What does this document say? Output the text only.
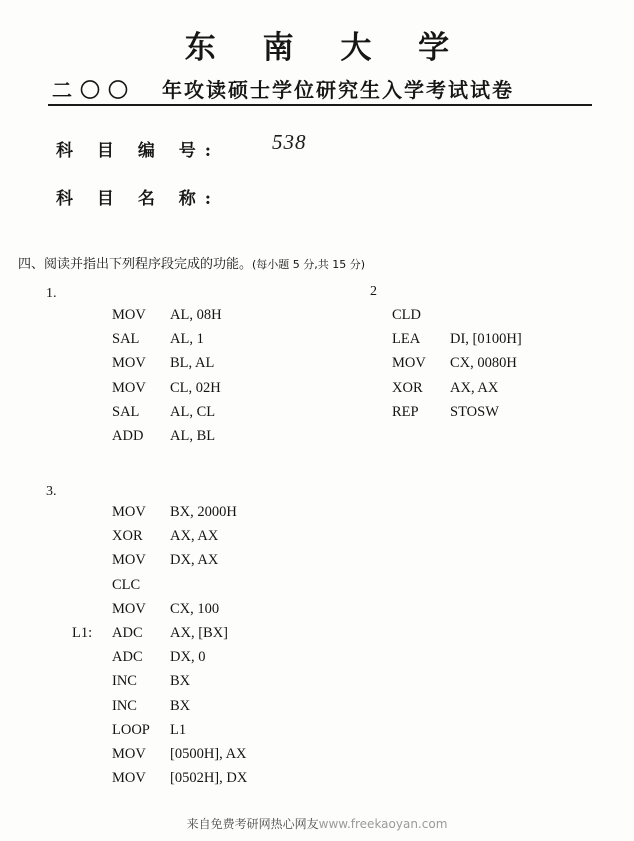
东 南 大 学
二〇〇 年攻读硕士学位研究生入学考试试卷
科 目 编 号: 538
科 目 名 称:
四、阅读并指出下列程序段完成的功能。(每小题 5 分,共 15 分)
1.
MOV AL, 08H
SAL AL, 1
MOV BL, AL
MOV CL, 02H
SAL AL, CL
ADD AL, BL
2
CLD
LEA DI, [0100H]
MOV CX, 0080H
XOR AX, AX
REP STOSW
3.
MOV BX, 2000H
XOR AX, AX
MOV DX, AX
CLC
MOV CX, 100
L1: ADC AX, [BX]
ADC DX, 0
INC BX
INC BX
LOOP L1
MOV [0500H], AX
MOV [0502H], DX
来自免费考研网热心网友www.freekaoyan.com
